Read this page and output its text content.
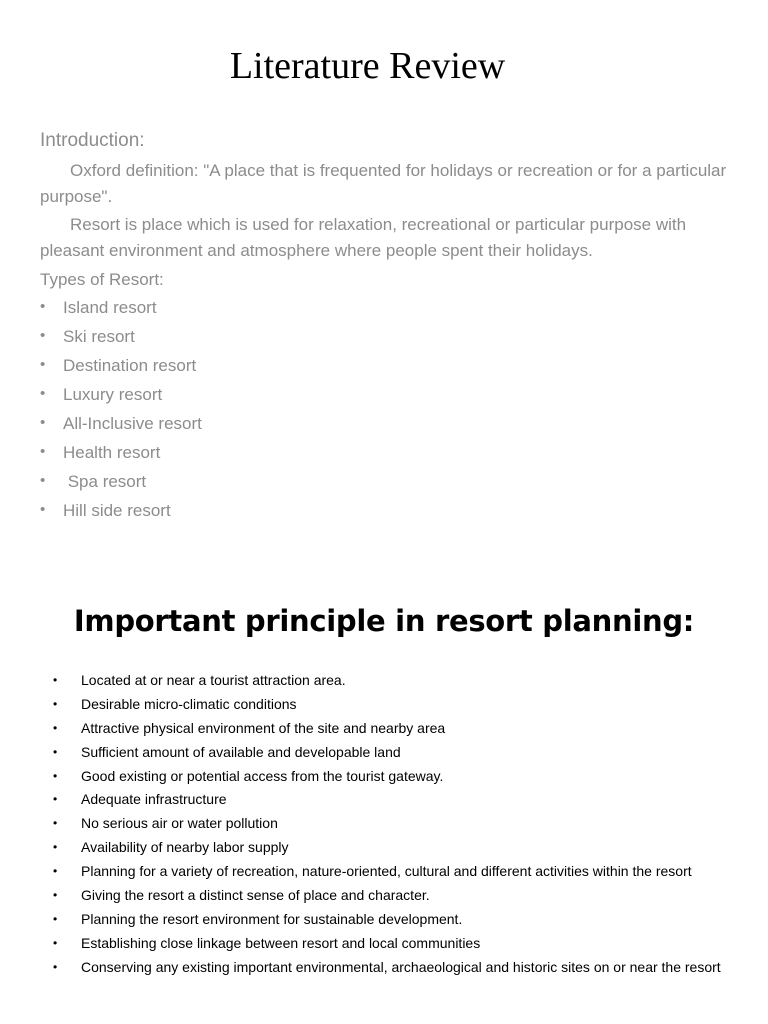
Literature Review
Introduction:

Oxford definition: "A place that is frequented for holidays or recreation or for a particular purpose".

Resort is place which is used for relaxation, recreational or particular purpose with pleasant environment and atmosphere where people spent their holidays.

Types of Resort:
• Island resort
• Ski resort
• Destination resort
• Luxury resort
• All-Inclusive resort
• Health resort
• Spa resort
• Hill side resort
Important principle in resort planning:
• Located at or near a tourist attraction area.
• Desirable micro-climatic conditions
• Attractive physical environment of the site and nearby area
• Sufficient amount of available and developable land
• Good existing or potential access from the tourist gateway.
• Adequate infrastructure
• No serious air or water pollution
• Availability of nearby labor supply
• Planning for a variety of recreation, nature-oriented, cultural and different activities within the resort
• Giving the resort a distinct sense of place and character.
• Planning the resort environment for sustainable development.
• Establishing close linkage between resort and local communities
• Conserving any existing important environmental, archaeological and historic sites on or near the resort
